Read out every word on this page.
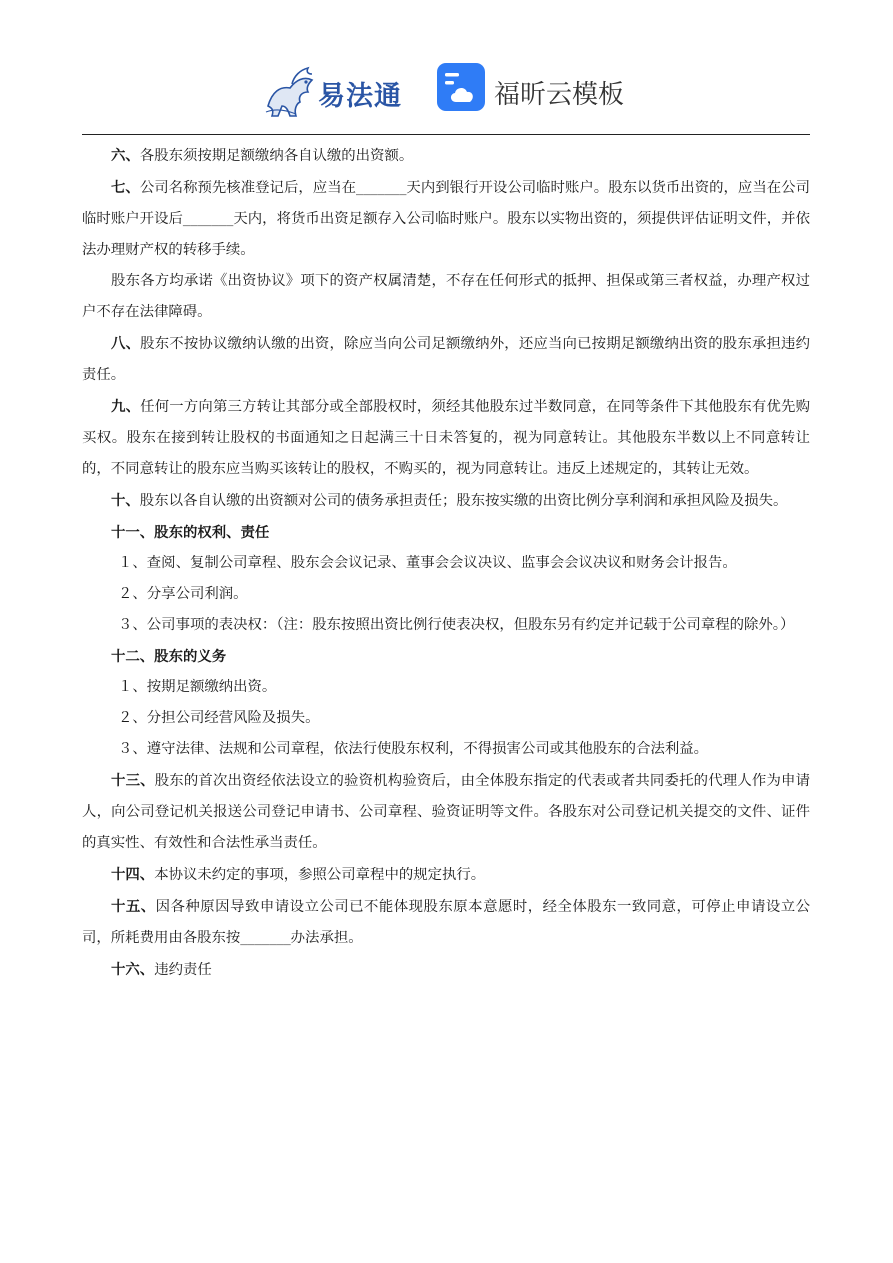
易法通	福昕云模板

六、各股东须按期足额缴纳各自认缴的出资额。

七、公司名称预先核准登记后，应当在_______天内到银行开设公司临时账户。股东以货币出资的，应当在公司临时账户开设后_______天内，将货币出资足额存入公司临时账户。股东以实物出资的，须提供评估证明文件，并依法办理财产权的转移手续。

股东各方均承诺《出资协议》项下的资产权属清楚，不存在任何形式的抵押、担保或第三者权益，办理产权过户不存在法律障碍。

八、股东不按协议缴纳认缴的出资，除应当向公司足额缴纳外，还应当向已按期足额缴纳出资的股东承担违约责任。

九、任何一方向第三方转让其部分或全部股权时，须经其他股东过半数同意，在同等条件下其他股东有优先购买权。股东在接到转让股权的书面通知之日起满三十日未答复的，视为同意转让。其他股东半数以上不同意转让的，不同意转让的股东应当购买该转让的股权，不购买的，视为同意转让。违反上述规定的，其转让无效。

十、股东以各自认缴的出资额对公司的债务承担责任；股东按实缴的出资比例分享利润和承担风险及损失。

十一、股东的权利、责任

１、查阅、复制公司章程、股东会会议记录、董事会会议决议、监事会会议决议和财务会计报告。

２、分享公司利润。

３、公司事项的表决权：（注：股东按照出资比例行使表决权，但股东另有约定并记载于公司章程的除外。）

十二、股东的义务

１、按期足额缴纳出资。

２、分担公司经营风险及损失。

３、遵守法律、法规和公司章程，依法行使股东权利，不得损害公司或其他股东的合法利益。

十三、股东的首次出资经依法设立的验资机构验资后，由全体股东指定的代表或者共同委托的代理人作为申请人，向公司登记机关报送公司登记申请书、公司章程、验资证明等文件。各股东对公司登记机关提交的文件、证件的真实性、有效性和合法性承当责任。

十四、本协议未约定的事项，参照公司章程中的规定执行。

十五、因各种原因导致申请设立公司已不能体现股东原本意愿时，经全体股东一致同意，可停止申请设立公司，所耗费用由各股东按_______办法承担。

十六、违约责任
